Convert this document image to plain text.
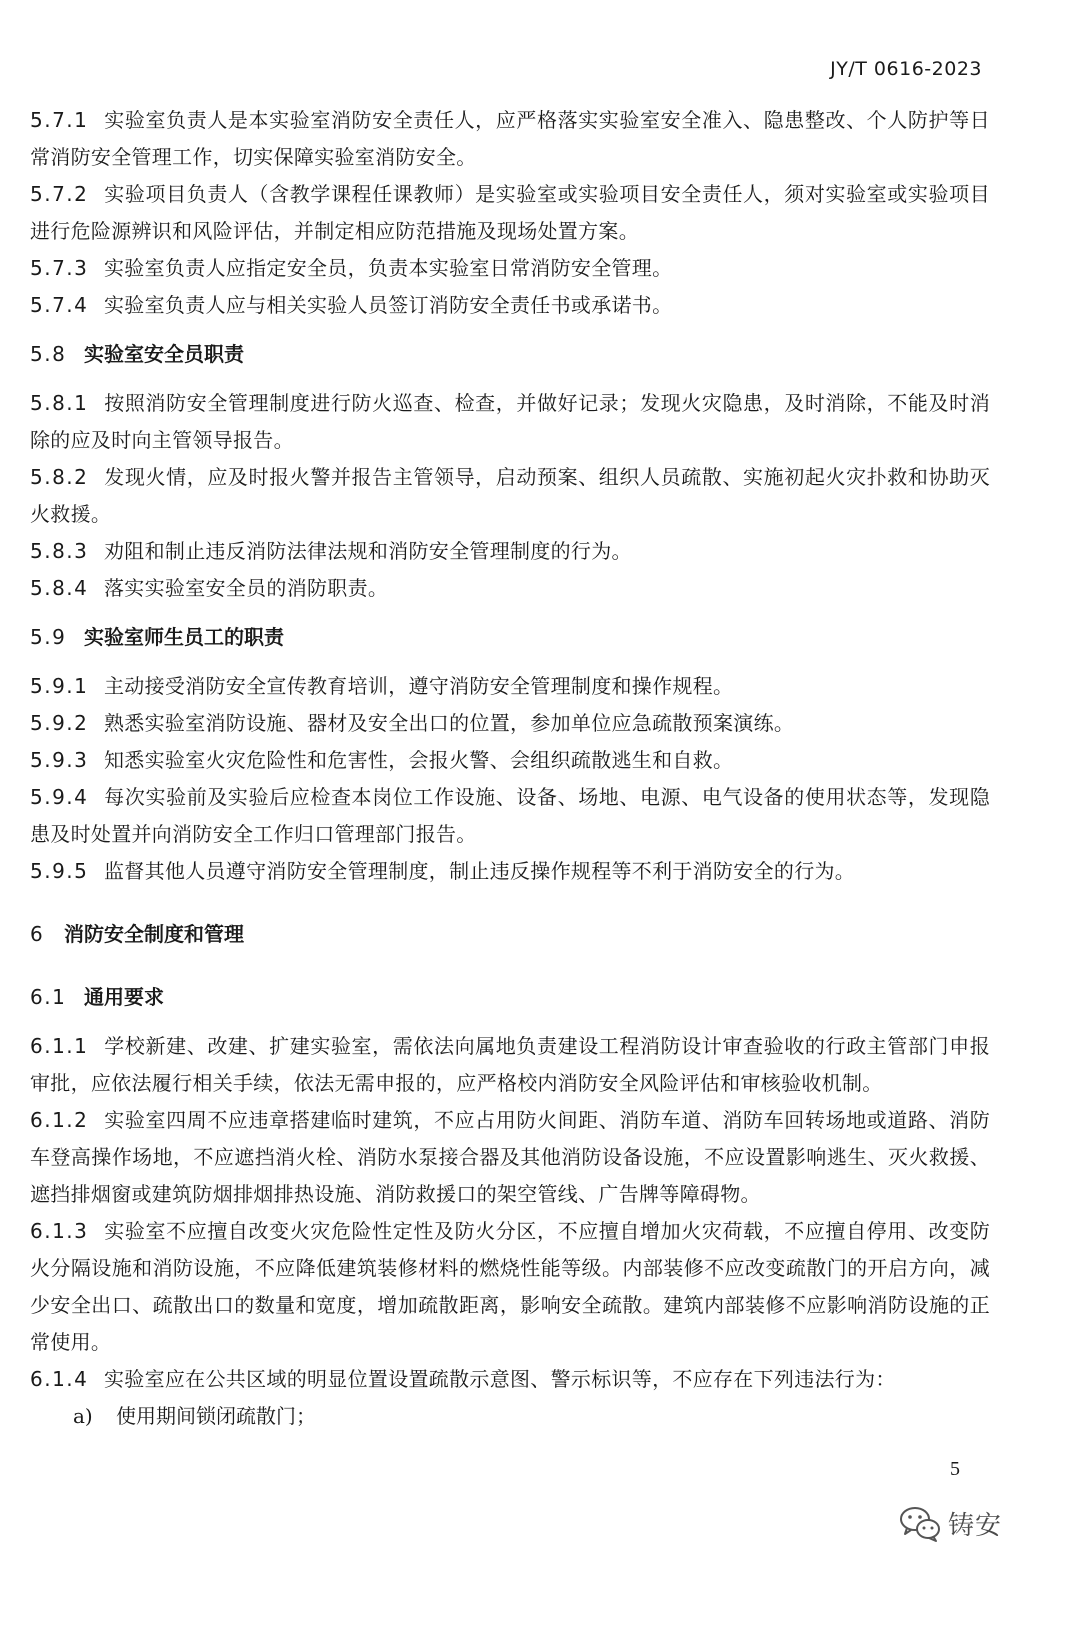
JY/T 0616-2023

5.7.1 实验室负责人是本实验室消防安全责任人，应严格落实实验室安全准入、隐患整改、个人防护等日常消防安全管理工作，切实保障实验室消防安全。

5.7.2 实验项目负责人（含教学课程任课教师）是实验室或实验项目安全责任人，须对实验室或实验项目进行危险源辨识和风险评估，并制定相应防范措施及现场处置方案。

5.7.3 实验室负责人应指定安全员，负责本实验室日常消防安全管理。

5.7.4 实验室负责人应与相关实验人员签订消防安全责任书或承诺书。

5.8 实验室安全员职责

5.8.1 按照消防安全管理制度进行防火巡查、检查，并做好记录；发现火灾隐患，及时消除，不能及时消除的应及时向主管领导报告。

5.8.2 发现火情，应及时报火警并报告主管领导，启动预案、组织人员疏散、实施初起火灾扑救和协助灭火救援。

5.8.3 劝阻和制止违反消防法律法规和消防安全管理制度的行为。

5.8.4 落实实验室安全员的消防职责。

5.9 实验室师生员工的职责

5.9.1 主动接受消防安全宣传教育培训，遵守消防安全管理制度和操作规程。

5.9.2 熟悉实验室消防设施、器材及安全出口的位置，参加单位应急疏散预案演练。

5.9.3 知悉实验室火灾危险性和危害性，会报火警、会组织疏散逃生和自救。

5.9.4 每次实验前及实验后应检查本岗位工作设施、设备、场地、电源、电气设备的使用状态等，发现隐患及时处置并向消防安全工作归口管理部门报告。

5.9.5 监督其他人员遵守消防安全管理制度，制止违反操作规程等不利于消防安全的行为。

6 消防安全制度和管理
6.1 通用要求

6.1.1 学校新建、改建、扩建实验室，需依法向属地负责建设工程消防设计审查验收的行政主管部门申报审批，应依法履行相关手续，依法无需申报的，应严格校内消防安全风险评估和审核验收机制。

6.1.2 实验室四周不应违章搭建临时建筑，不应占用防火间距、消防车道、消防车回转场地或道路、消防车登高操作场地，不应遮挡消火栓、消防水泵接合器及其他消防设备设施，不应设置影响逃生、灭火救援、遮挡排烟窗或建筑防烟排烟排热设施、消防救援口的架空管线、广告牌等障碍物。

6.1.3 实验室不应擅自改变火灾危险性定性及防火分区，不应擅自增加火灾荷载，不应擅自停用、改变防火分隔设施和消防设施，不应降低建筑装修材料的燃烧性能等级。内部装修不应改变疏散门的开启方向，减少安全出口、疏散出口的数量和宽度，增加疏散距离，影响安全疏散。建筑内部装修不应影响消防设施的正常使用。

6.1.4 实验室应在公共区域的明显位置设置疏散示意图、警示标识等，不应存在下列违法行为：

a) 使用期间锁闭疏散门；

5
铸安
